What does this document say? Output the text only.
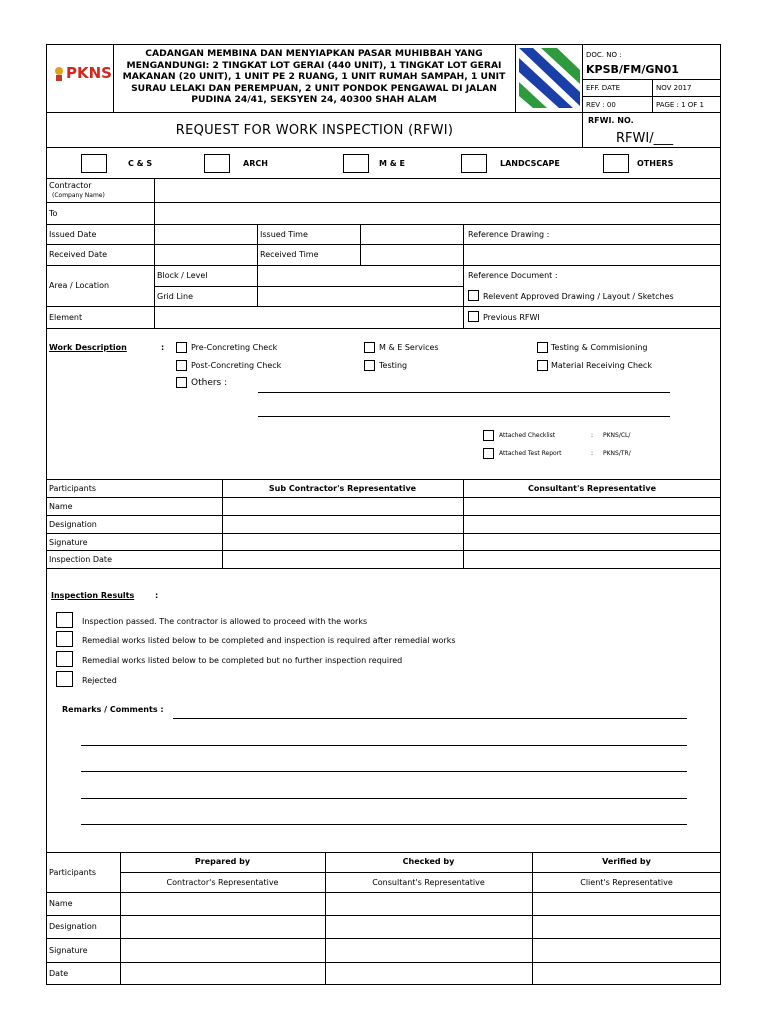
PKNS
CADANGAN MEMBINA DAN MENYIAPKAN PASAR MUHIBBAH YANG MENGANDUNGI: 2 TINGKAT LOT GERAI (440 UNIT), 1 TINGKAT LOT GERAI MAKANAN (20 UNIT), 1 UNIT PE 2 RUANG, 1 UNIT RUMAH SAMPAH, 1 UNIT SURAU LELAKI DAN PEREMPUAN, 2 UNIT PONDOK PENGAWAL DI JALAN PUDINA 24/41, SEKSYEN 24, 40300 SHAH ALAM
DOC. NO :
KPSB/FM/GN01
EFF. DATE	NOV 2017
REV : 00	PAGE : 1 OF 1
REQUEST FOR WORK INSPECTION (RFWI)
RFWI. NO.
RFWI/___
C & S	ARCH	M & E	LANDCSCAPE	OTHERS
Contractor
(Company Name)
To
Issued Date	Issued Time	Reference Drawing :
Received Date	Received Time
Area / Location
Block / Level	Reference Document :
Grid Line	Relevent Approved Drawing / Layout / Sketches
Element	Previous RFWI
Work Description	:	Pre-Concreting Check	M & E Services	Testing & Commisioning
Post-Concreting Check	Testing	Material Receiving Check
Others :
Attached Checklist	: PKNS/CL/
Attached Test Report	: PKNS/TR/
Participants	Sub Contractor's Representative	Consultant's Representative
Name
Designation
Signature
Inspection Date
Inspection Results	:
Inspection passed. The contractor is allowed to proceed with the works
Remedial works listed below to be completed and inspection is required after remedial works
Remedial works listed below to be completed but no further inspection required
Rejected
Remarks / Comments :
Participants
Prepared by	Checked by	Verified by
Contractor's Representative	Consultant's Representative	Client's Representative
Name
Designation
Signature
Date
